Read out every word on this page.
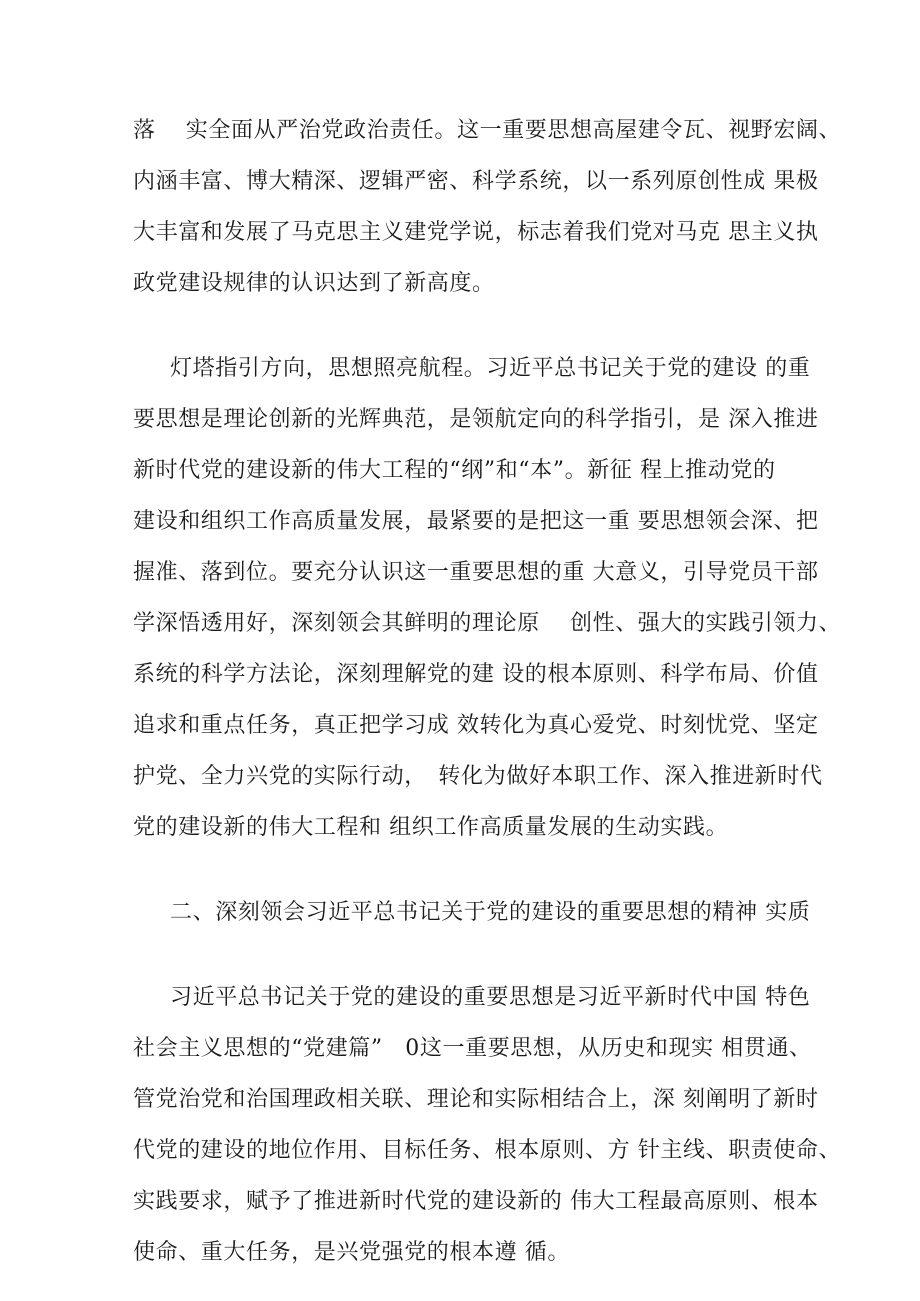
落　 实全面从严治党政治责任。这一重要思想高屋建令瓦、视野宏阔、
内涵丰富、博大精深、逻辑严密、科学系统，以一系列原创性成 果极
大丰富和发展了马克思主义建党学说，标志着我们党对马克 思主义执
政党建设规律的认识达到了新高度。
灯塔指引方向，思想照亮航程。习近平总书记关于党的建设 的重
要思想是理论创新的光辉典范，是领航定向的科学指引，是 深入推进
新时代党的建设新的伟大工程的“纲”和“本”。新征 程上推动党的
建设和组织工作高质量发展，最紧要的是把这一重 要思想领会深、把
握准、落到位。要充分认识这一重要思想的重 大意义，引导党员干部
学深悟透用好，深刻领会其鲜明的理论原　 创性、强大的实践引领力、
系统的科学方法论，深刻理解党的建 设的根本原则、科学布局、价值
追求和重点任务，真正把学习成 效转化为真心爱党、时刻忧党、坚定
护党、全力兴党的实际行动，　转化为做好本职工作、深入推进新时代
党的建设新的伟大工程和 组织工作高质量发展的生动实践。
二、深刻领会习近平总书记关于党的建设的重要思想的精神 实质
习近平总书记关于党的建设的重要思想是习近平新时代中国 特色
社会主义思想的“党建篇”　0这一重要思想，从历史和现实 相贯通、
管党治党和治国理政相关联、理论和实际相结合上，深 刻阐明了新时
代党的建设的地位作用、目标任务、根本原则、方 针主线、职责使命、
实践要求，赋予了推进新时代党的建设新的 伟大工程最高原则、根本
使命、重大任务，是兴党强党的根本遵 循。
